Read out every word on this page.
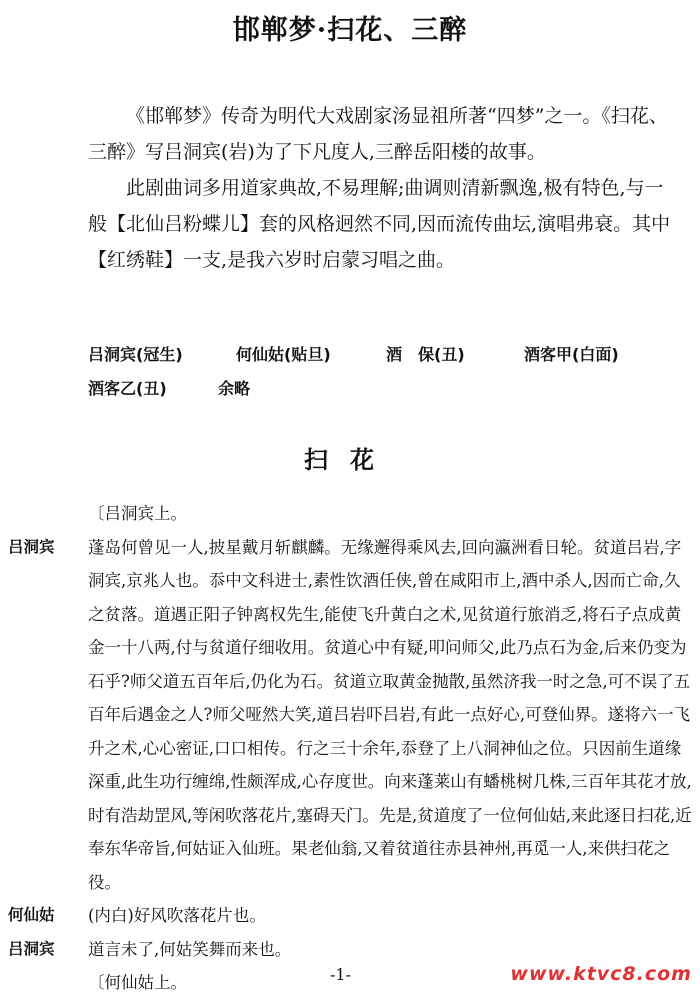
邯郸梦·扫花、三醉

《邯郸梦》传奇为明代大戏剧家汤显祖所著“四梦”之一。《扫花、三醉》写吕洞宾(岩)为了下凡度人,三醉岳阳楼的故事。

此剧曲词多用道家典故,不易理解;曲调则清新飘逸,极有特色,与一般【北仙吕粉蝶儿】套的风格迥然不同,因而流传曲坛,演唱弗衰。其中【红绣鞋】一支,是我六岁时启蒙习唱之曲。

吕洞宾(冠生)	何仙姑(贴旦)	酒　保(丑)	酒客甲(白面)
酒客乙(丑)	余略
扫花
〔吕洞宾上。
吕洞宾	蓬岛何曾见一人,披星戴月斩麒麟。无缘邂得乘风去,回向瀛洲看日轮。贫道吕岩,字洞宾,京兆人也。忝中文科进士,素性饮酒任侠,曾在咸阳市上,酒中杀人,因而亡命,久之贫落。道遇正阳子钟离权先生,能使飞升黄白之术,见贫道行旅消乏,将石子点成黄金一十八两,付与贫道仔细收用。贫道心中有疑,叩问师父,此乃点石为金,后来仍变为石乎?师父道五百年后,仍化为石。贫道立取黄金抛散,虽然济我一时之急,可不误了五百年后遇金之人?师父哑然大笑,道吕岩吓吕岩,有此一点好心,可登仙界。遂将六一飞升之术,心心密证,口口相传。行之三十余年,忝登了上八洞神仙之位。只因前生道缘深重,此生功行缠绵,性颇浑成,心存度世。向来蓬莱山有蟠桃树几株,三百年其花才放,时有浩劫罡风,等闲吹落花片,塞碍天门。先是,贫道度了一位何仙姑,来此逐日扫花,近奉东华帝旨,何姑证入仙班。果老仙翁,又着贫道往赤县神州,再觅一人,来供扫花之役。
何仙姑	(内白)好风吹落花片也。
吕洞宾	道言未了,何姑笑舞而来也。
〔何仙姑上。	-1-	www.ktvc8.com
